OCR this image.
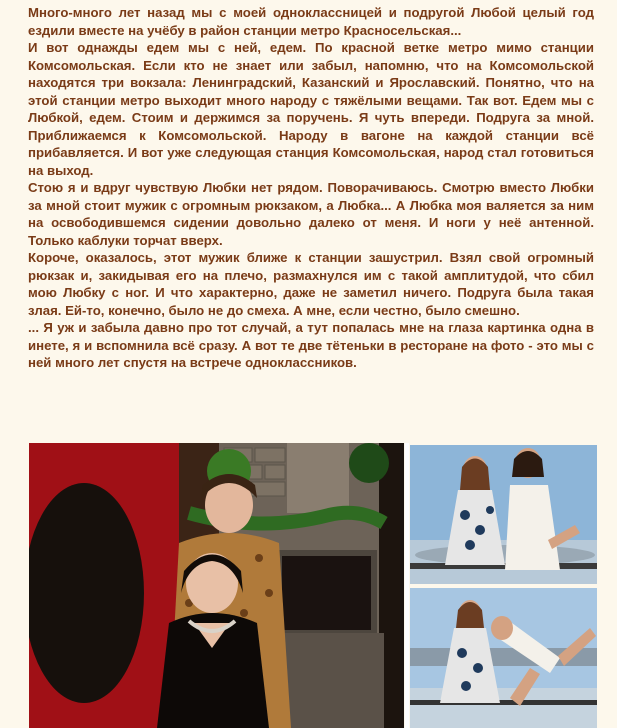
Много-много лет назад мы с моей одноклассницей и подругой Любой целый год ездили вместе на учёбу в район станции метро Красносельская...

И вот однажды едем мы с ней, едем. По красной ветке метро мимо станции Комсомольская. Если кто не знает или забыл, напомню, что на Комсомольской находятся три вокзала: Ленинградский, Казанский и Ярославский. Понятно, что на этой станции метро выходит много народу с тяжёлыми вещами. Так вот. Едем мы с Любкой, едем. Стоим и держимся за поручень. Я чуть впереди. Подруга за мной. Приближаемся к Комсомольской. Народу в вагоне на каждой станции всё прибавляется. И вот уже следующая станция Комсомольская, народ стал готовиться на выход.

Стою я и вдруг чувствую Любки нет рядом. Поворачиваюсь. Смотрю вместо Любки за мной стоит мужик с огромным рюкзаком, а Любка... А Любка моя валяется за ним на освободившемся сидении довольно далеко от меня. И ноги у неё антенной. Только каблуки торчат вверх.

Короче, оказалось, этот мужик ближе к станции зашустрил. Взял свой огромный рюкзак и, закидывая его на плечо, размахнулся им с такой амплитудой, что сбил мою Любку с ног. И что характерно, даже не заметил ничего. Подруга была такая злая. Ей-то, конечно, было не до смеха. А мне, если честно, было смешно.

... Я уж и забыла давно про тот случай, а тут попалась мне на глаза картинка одна в инете, я и вспомнила всё сразу. А вот те две тётеньки в ресторане на фото - это мы с ней много лет спустя на встрече одноклассников.
